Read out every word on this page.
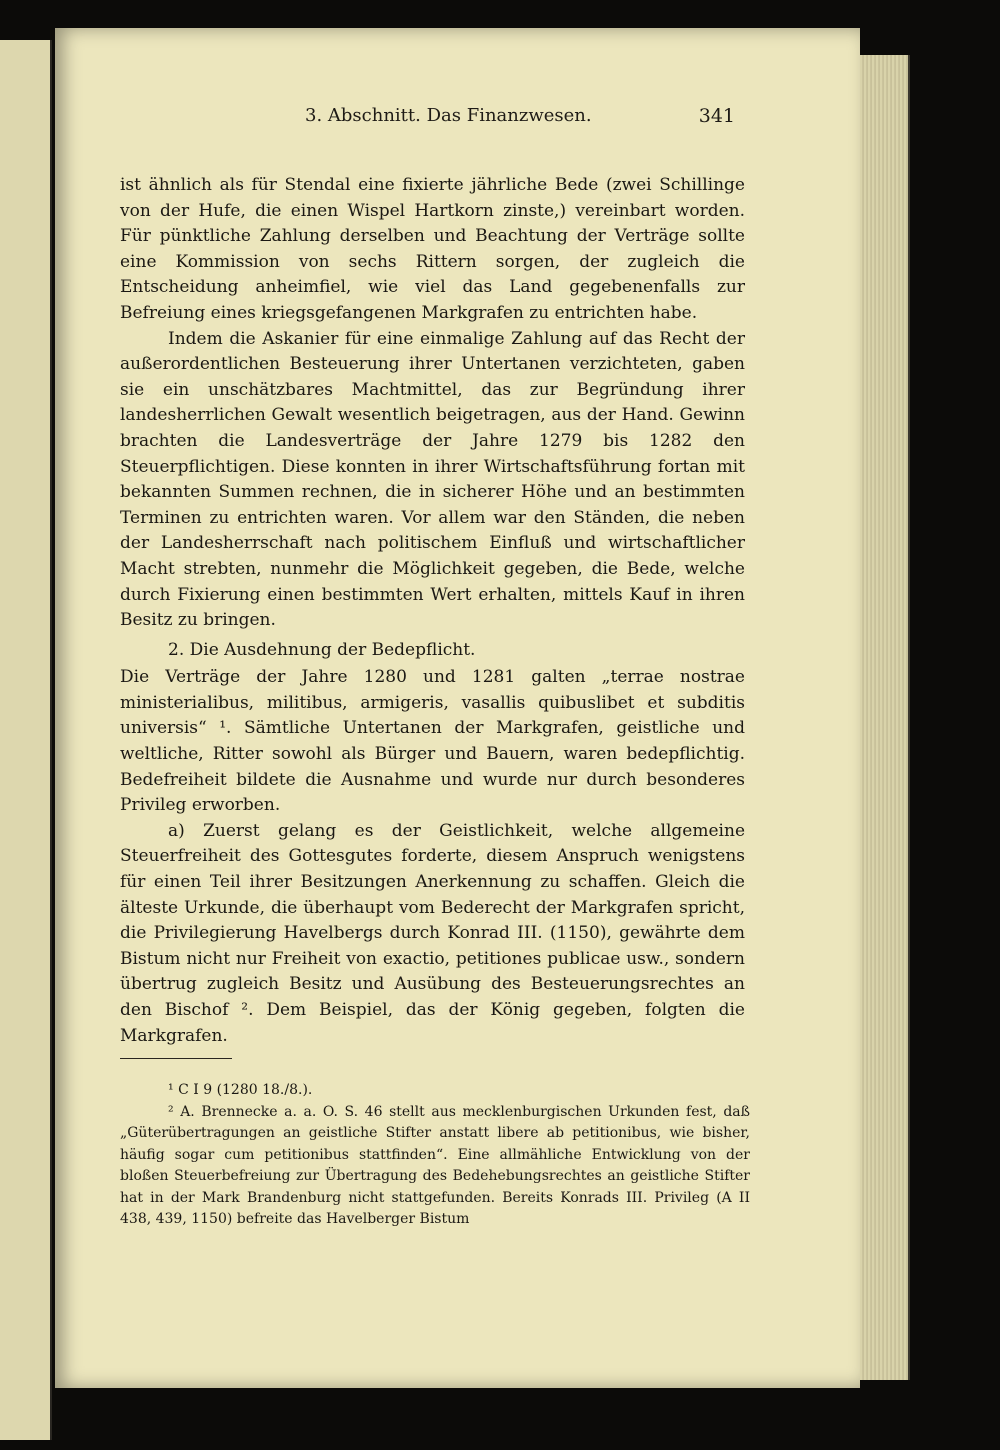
3. Abschnitt. Das Finanzwesen.	341

ist ähnlich als für Stendal eine fixierte jährliche Bede (zwei Schillinge von der Hufe, die einen Wispel Hartkorn zinste,) vereinbart worden. Für pünktliche Zahlung derselben und Beachtung der Verträge sollte eine Kommission von sechs Rittern sorgen, der zugleich die Entscheidung anheimfiel, wie viel das Land gegebenenfalls zur Befreiung eines kriegsgefangenen Markgrafen zu entrichten habe.

Indem die Askanier für eine einmalige Zahlung auf das Recht der außerordentlichen Besteuerung ihrer Untertanen verzichteten, gaben sie ein unschätzbares Machtmittel, das zur Begründung ihrer landesherrlichen Gewalt wesentlich beigetragen, aus der Hand. Gewinn brachten die Landesverträge der Jahre 1279 bis 1282 den Steuerpflichtigen. Diese konnten in ihrer Wirtschaftsführung fortan mit bekannten Summen rechnen, die in sicherer Höhe und an bestimmten Terminen zu entrichten waren. Vor allem war den Ständen, die neben der Landesherrschaft nach politischem Einfluß und wirtschaftlicher Macht strebten, nunmehr die Möglichkeit gegeben, die Bede, welche durch Fixierung einen bestimmten Wert erhalten, mittels Kauf in ihren Besitz zu bringen.

2. Die Ausdehnung der Bedepflicht.

Die Verträge der Jahre 1280 und 1281 galten „terrae nostrae ministerialibus, militibus, armigeris, vasallis quibuslibet et subditis universis“ ¹. Sämtliche Untertanen der Markgrafen, geistliche und weltliche, Ritter sowohl als Bürger und Bauern, waren bedepflichtig. Bedefreiheit bildete die Ausnahme und wurde nur durch besonderes Privileg erworben.

a) Zuerst gelang es der Geistlichkeit, welche allgemeine Steuerfreiheit des Gottesgutes forderte, diesem Anspruch wenigstens für einen Teil ihrer Besitzungen Anerkennung zu schaffen. Gleich die älteste Urkunde, die überhaupt vom Bederecht der Markgrafen spricht, die Privilegierung Havelbergs durch Konrad III. (1150), gewährte dem Bistum nicht nur Freiheit von exactio, petitiones publicae usw., sondern übertrug zugleich Besitz und Ausübung des Besteuerungsrechtes an den Bischof ². Dem Beispiel, das der König gegeben, folgten die Markgrafen.

¹ C I 9 (1280 18./8.).

² A. Brennecke a. a. O. S. 46 stellt aus mecklenburgischen Urkunden fest, daß „Güterübertragungen an geistliche Stifter anstatt libere ab petitionibus, wie bisher, häufig sogar cum petitionibus stattfinden“. Eine allmähliche Entwicklung von der bloßen Steuerbefreiung zur Übertragung des Bedehebungsrechtes an geistliche Stifter hat in der Mark Brandenburg nicht stattgefunden. Bereits Konrads III. Privileg (A II 438, 439, 1150) befreite das Havelberger Bistum
